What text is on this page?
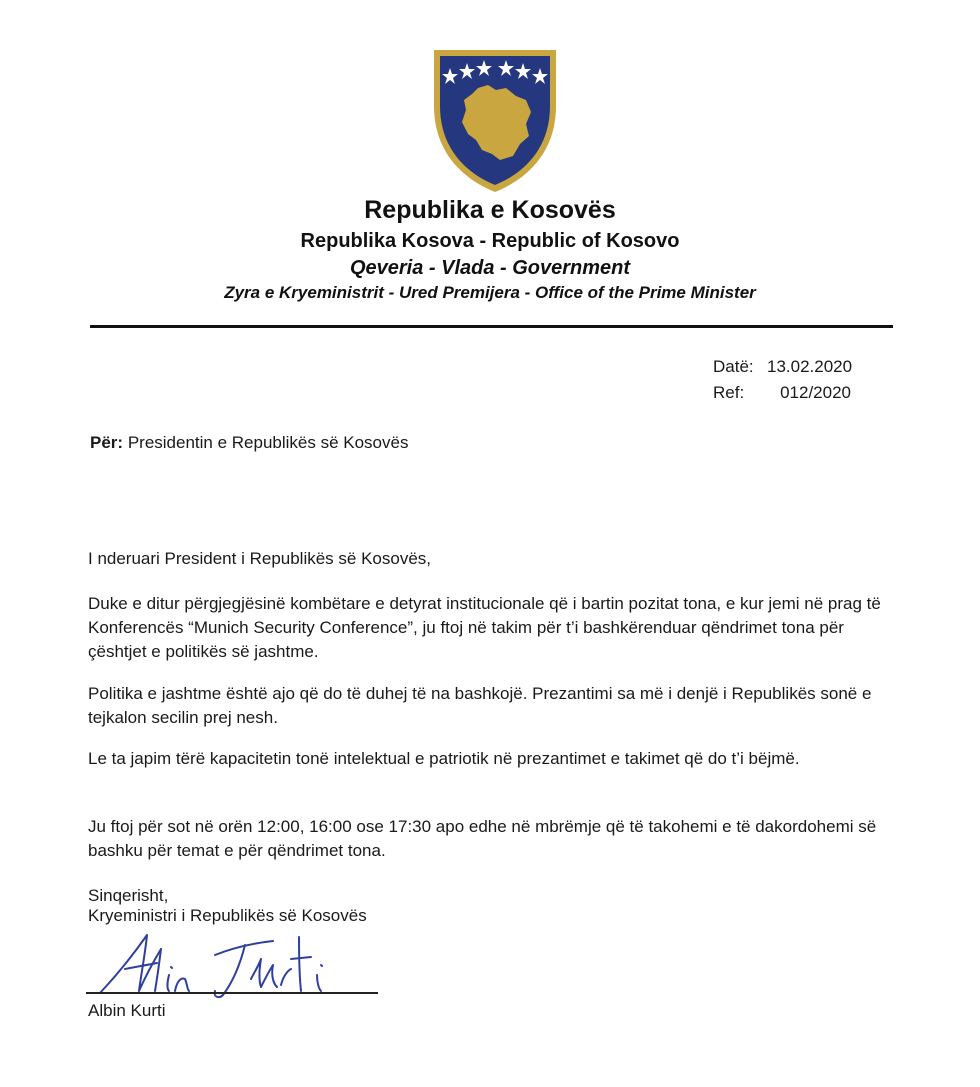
Republika e Kosovës
Republika Kosova - Republic of Kosovo
Qeveria - Vlada - Government
Zyra e Kryeministrit - Ured Premijera - Office of the Prime Minister
Datë: 13.02.2020
Ref: 012/2020
Për: Presidentin e Republikës së Kosovës
I nderuari President i Republikës së Kosovës,
Duke e ditur përgjegjësinë kombëtare e detyrat institucionale që i bartin pozitat tona, e kur jemi në prag të Konferencës “Munich Security Conference”, ju ftoj në takim për t’i bashkërenduar qëndrimet tona për çështjet e politikës së jashtme.
Politika e jashtme është ajo që do të duhej të na bashkojë. Prezantimi sa më i denjë i Republikës sonë e tejkalon secilin prej nesh.
Le ta japim tërë kapacitetin tonë intelektual e patriotik në prezantimet e takimet që do t’i bëjmë.
Ju ftoj për sot në orën 12:00, 16:00 ose 17:30 apo edhe në mbrëmje që të takohemi e të dakordohemi së bashku për temat e për qëndrimet tona.
Sinqerisht,
Kryeministri i Republikës së Kosovës
Albin Kurti
